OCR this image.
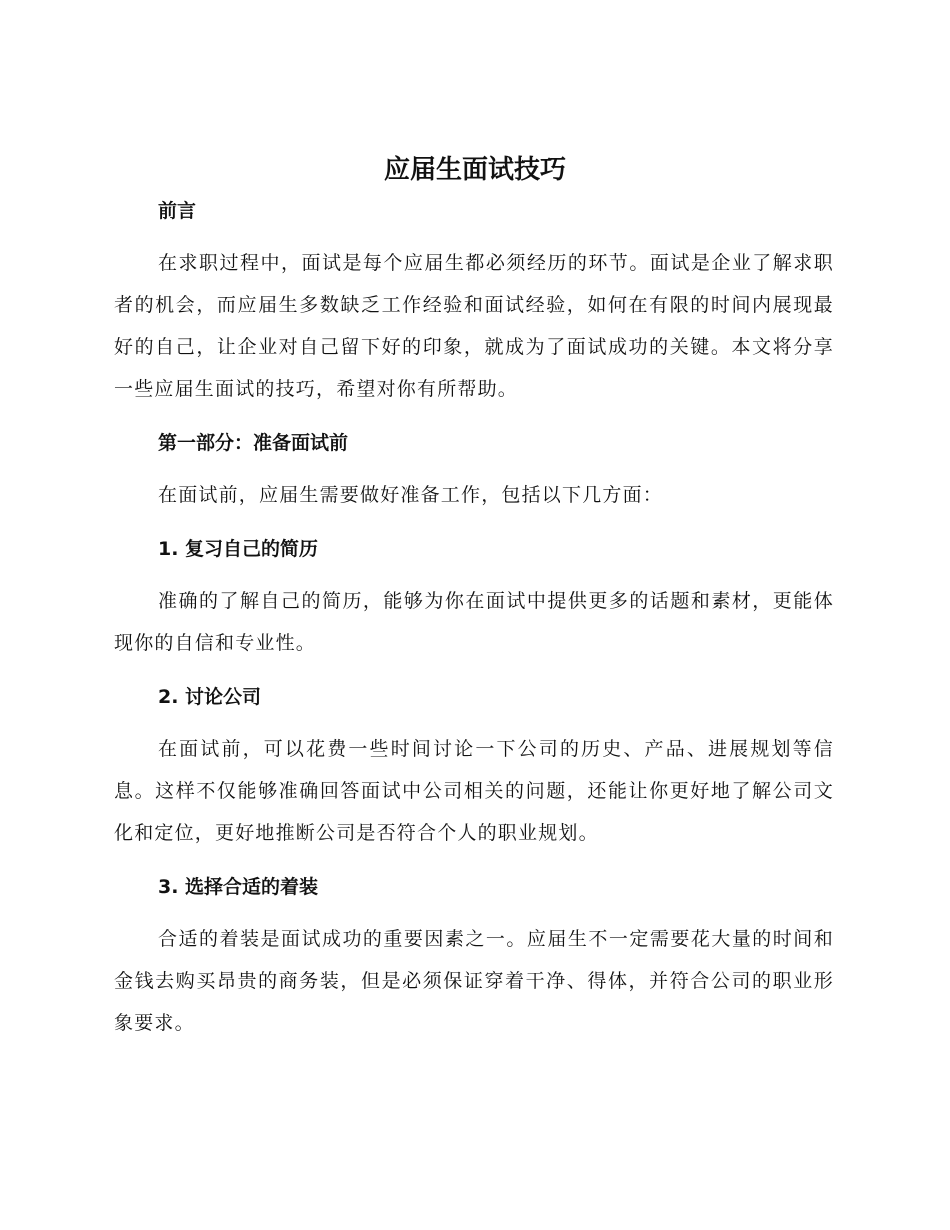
应届生面试技巧
前言

在求职过程中，面试是每个应届生都必须经历的环节。面试是企业了解求职者的机会，而应届生多数缺乏工作经验和面试经验，如何在有限的时间内展现最好的自己，让企业对自己留下好的印象，就成为了面试成功的关键。本文将分享一些应届生面试的技巧，希望对你有所帮助。

第一部分：准备面试前

在面试前，应届生需要做好准备工作，包括以下几方面：

1. 复习自己的简历

准确的了解自己的简历，能够为你在面试中提供更多的话题和素材，更能体现你的自信和专业性。

2. 讨论公司

在面试前，可以花费一些时间讨论一下公司的历史、产品、进展规划等信息。这样不仅能够准确回答面试中公司相关的问题，还能让你更好地了解公司文化和定位，更好地推断公司是否符合个人的职业规划。

3. 选择合适的着装

合适的着装是面试成功的重要因素之一。应届生不一定需要花大量的时间和金钱去购买昂贵的商务装，但是必须保证穿着干净、得体，并符合公司的职业形象要求。
